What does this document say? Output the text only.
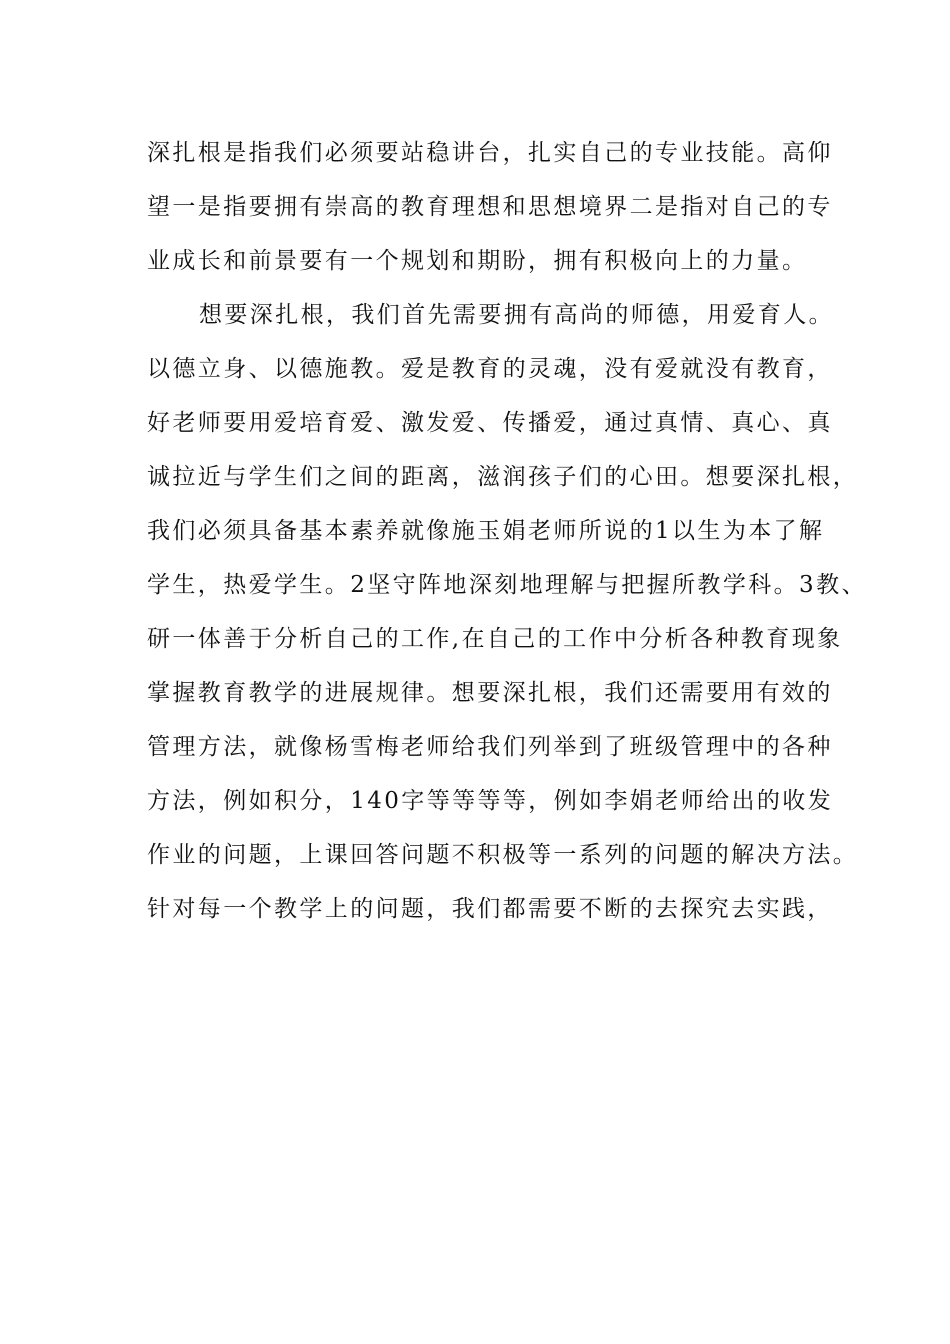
深扎根是指我们必须要站稳讲台，扎实自己的专业技能。高仰
望一是指要拥有崇高的教育理想和思想境界二是指对自己的专
业成长和前景要有一个规划和期盼，拥有积极向上的力量。
想要深扎根，我们首先需要拥有高尚的师德，用爱育人。
以德立身、以德施教。爱是教育的灵魂，没有爱就没有教育，
好老师要用爱培育爱、激发爱、传播爱，通过真情、真心、真
诚拉近与学生们之间的距离，滋润孩子们的心田。想要深扎根，
我们必须具备基本素养就像施玉娟老师所说的1以生为本了解
学生，热爱学生。2坚守阵地深刻地理解与把握所教学科。3教、
研一体善于分析自己的工作,在自己的工作中分析各种教育现象
掌握教育教学的进展规律。想要深扎根，我们还需要用有效的
管理方法，就像杨雪梅老师给我们列举到了班级管理中的各种
方法，例如积分，140字等等等等，例如李娟老师给出的收发
作业的问题，上课回答问题不积极等一系列的问题的解决方法。
针对每一个教学上的问题，我们都需要不断的去探究去实践，
